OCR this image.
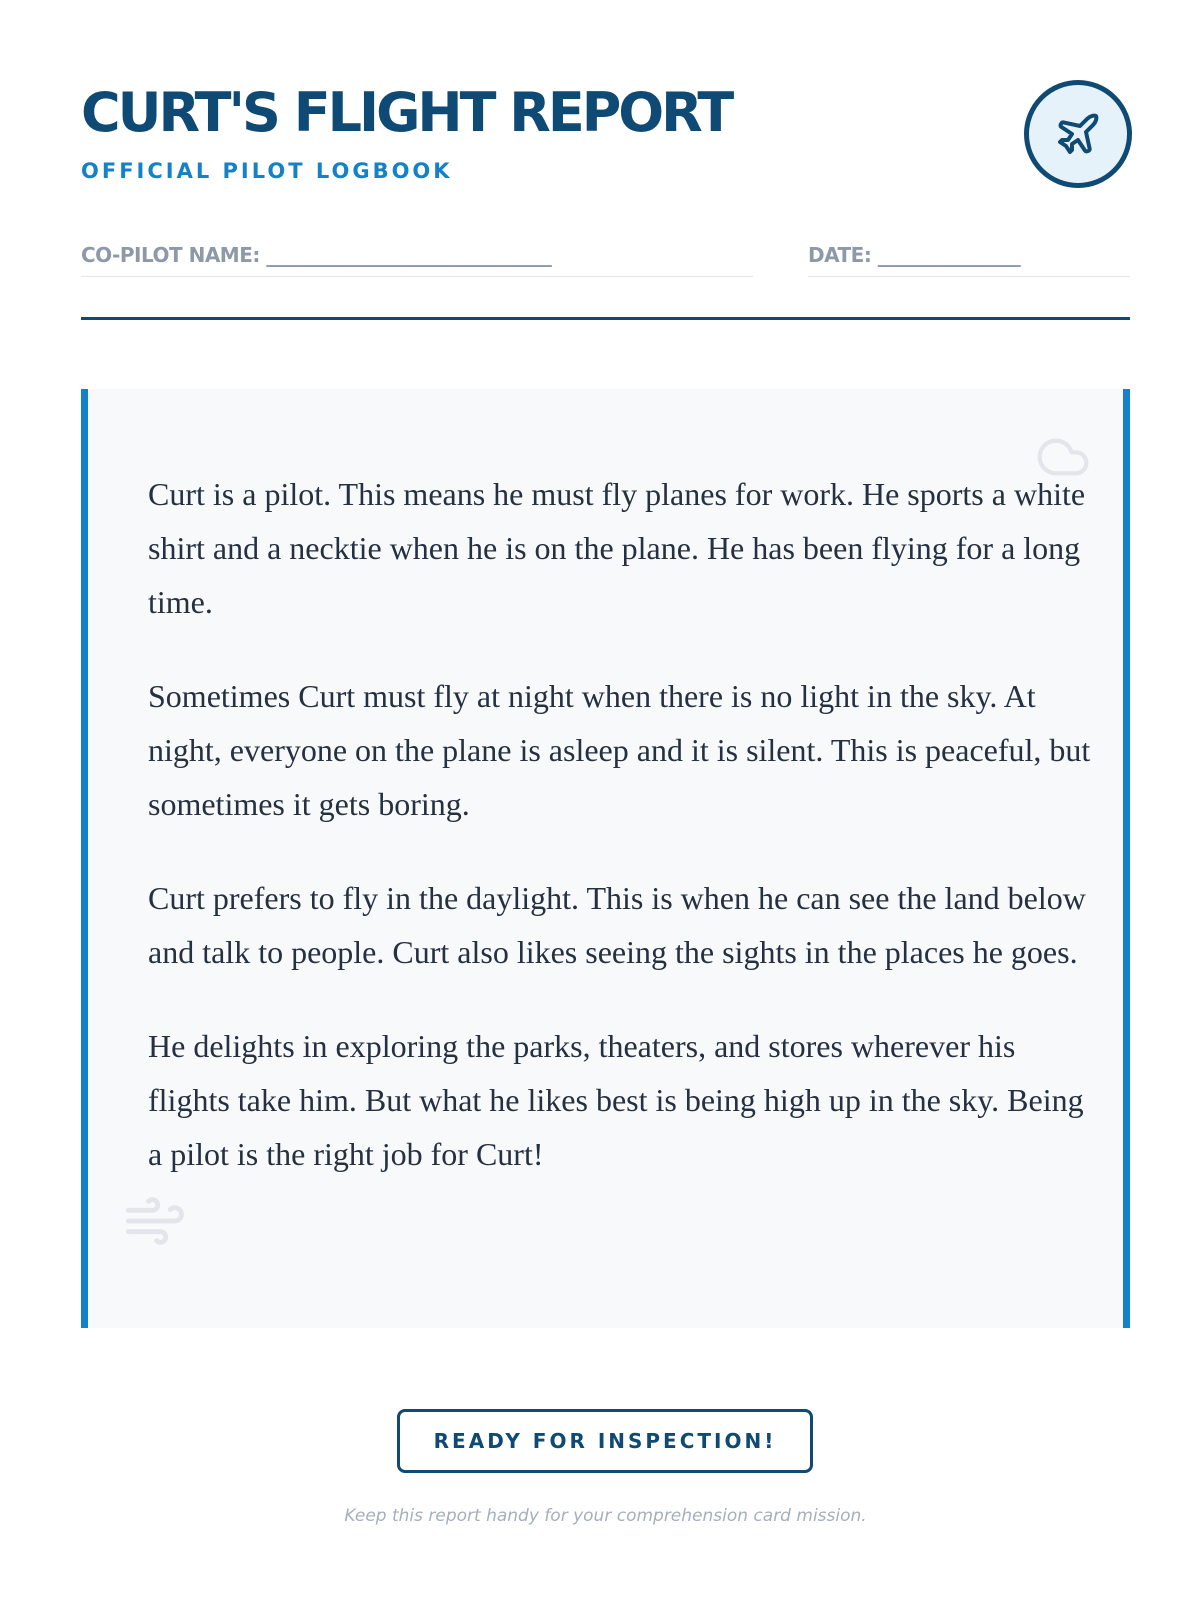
CURT'S FLIGHT REPORT
OFFICIAL PILOT LOGBOOK
CO-PILOT NAME: ______________________________	DATE: _______________

Curt is a pilot. This means he must fly planes for work. He sports a white shirt and a necktie when he is on the plane. He has been flying for a long time.

Sometimes Curt must fly at night when there is no light in the sky. At night, everyone on the plane is asleep and it is silent. This is peaceful, but sometimes it gets boring.

Curt prefers to fly in the daylight. This is when he can see the land below and talk to people. Curt also likes seeing the sights in the places he goes.

He delights in exploring the parks, theaters, and stores wherever his flights take him. But what he likes best is being high up in the sky. Being a pilot is the right job for Curt!

READY FOR INSPECTION!
Keep this report handy for your comprehension card mission.
